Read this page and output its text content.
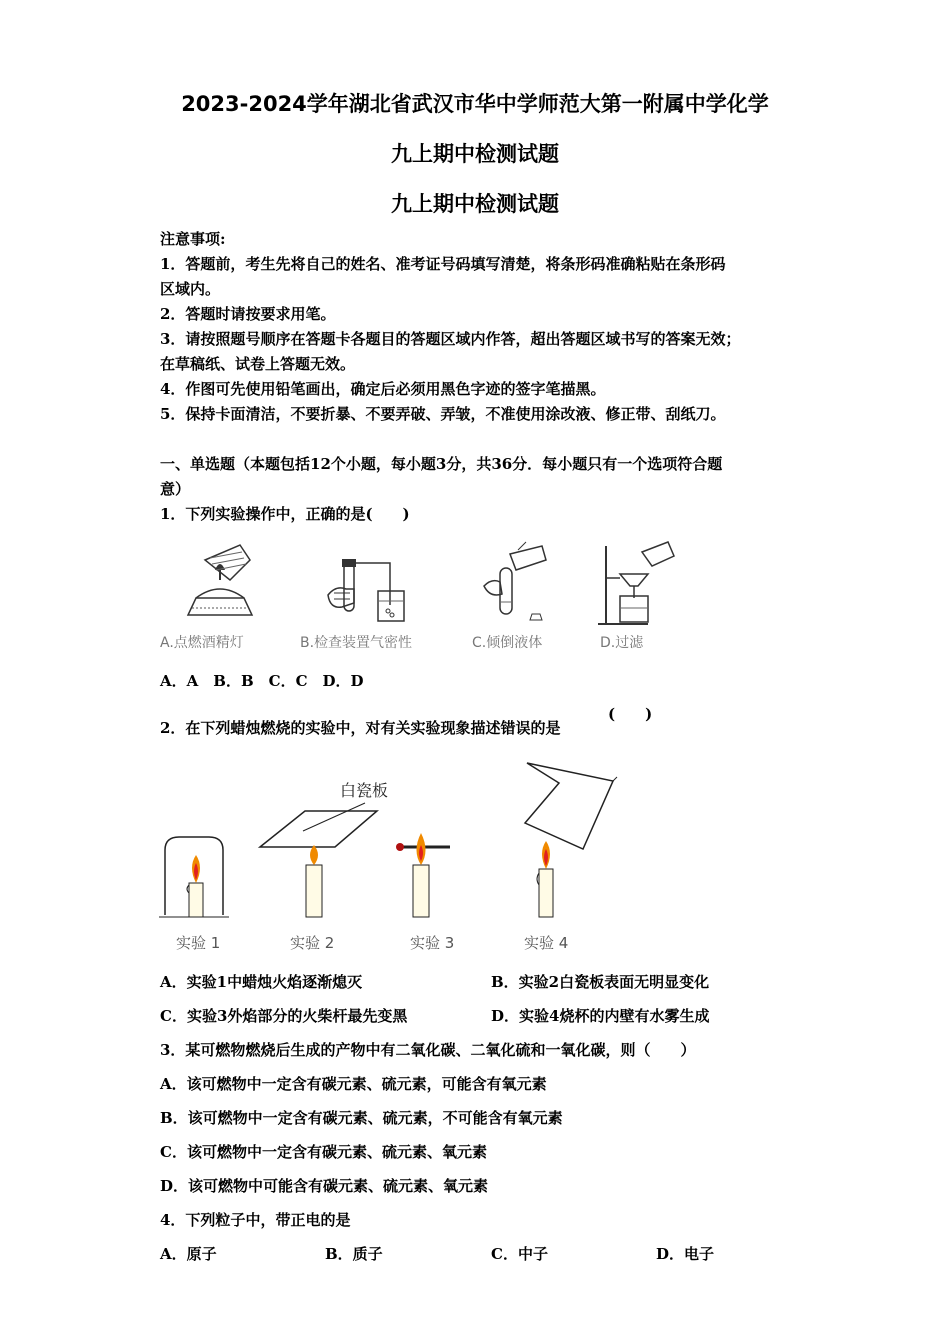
2023-2024学年湖北省武汉市华中学师范大第一附属中学化学
九上期中检测试题
九上期中检测试题
注意事项:
1．答题前，考生先将自己的姓名、准考证号码填写清楚，将条形码准确粘贴在条形码
区域内。
2．答题时请按要求用笔。
3．请按照题号顺序在答题卡各题目的答题区域内作答，超出答题区域书写的答案无效；
在草稿纸、试卷上答题无效。
4．作图可先使用铅笔画出，确定后必须用黑色字迹的签字笔描黑。
5．保持卡面清洁，不要折暴、不要弄破、弄皱，不准使用涂改液、修正带、刮纸刀。
一、单选题（本题包括12个小题，每小题3分，共36分．每小题只有一个选项符合题
意）
1．下列实验操作中，正确的是(　　)
A.点燃酒精灯	B.检查装置气密性	C.倾倒液体	D.过滤
A．A　B．B　C．C　D．D
2．在下列蜡烛燃烧的实验中，对有关实验现象描述错误的是
(　　)
白瓷板
实验 1	实验 2	实验 3	实验 4
A．实验1中蜡烛火焰逐渐熄灭	B．实验2白瓷板表面无明显变化
C．实验3外焰部分的火柴杆最先变黑	D．实验4烧杯的内壁有水雾生成
3．某可燃物燃烧后生成的产物中有二氧化碳、二氧化硫和一氧化碳，则（　　）
A．该可燃物中一定含有碳元素、硫元素，可能含有氧元素
B．该可燃物中一定含有碳元素、硫元素，不可能含有氧元素
C．该可燃物中一定含有碳元素、硫元素、氧元素
D．该可燃物中可能含有碳元素、硫元素、氧元素
4．下列粒子中，带正电的是
A．原子	B．质子	C．中子	D．电子
